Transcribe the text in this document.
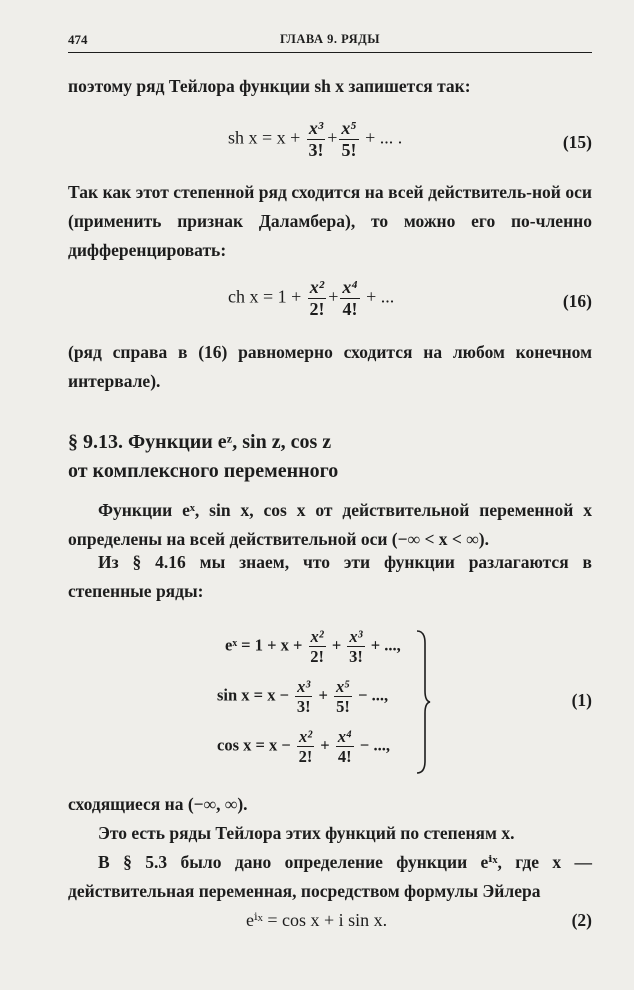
474	ГЛАВА 9. РЯДЫ

поэтому ряд Тейлора функции sh x запишется так:

sh $x = x + \frac{\text{x³}}{3!} + \frac{\text{x⁵}}{5!}$ + ... .	(15)

Так как этот степенной ряд сходится на всей действитель-ной оси (применить признак Даламбера), то можно его по-членно дифференцировать:

ch $x = 1 + \frac{\text{x²}}{2!} + \frac{\text{x⁴}}{4!}$ + ...	(16)

(ряд справа в (16) равномерно сходится на любом конечном интервале).

§ 9.13. Функции eᶻ, sin z, cos z
от комплексного переменного

Функции eˣ, sin x, cos x от действительной переменной x определены на всей действительной оси (−∞ < x < ∞).

Из § 4.16 мы знаем, что эти функции разлагаются в степенные ряды:

eˣ = $1 + x + \frac{\text{x²}}{2!} + \frac{\text{x³}}{3!}$ + ...,
$\sin x = x - \frac{\text{x³}}{3!} + \frac{\text{x⁵}}{5!}$ − ...,
$\cos x = x - \frac{\text{x²}}{2!} + \frac{\text{x⁴}}{4!}$ − ...,
(1)

сходящиеся на (−∞, ∞).

Это есть ряды Тейлора этих функций по степеням x.

В § 5.3 было дано определение функции eⁱˣ, где x — действительная переменная, посредством формулы Эйлера

eⁱˣ = cos x + i sin x.	(2)
